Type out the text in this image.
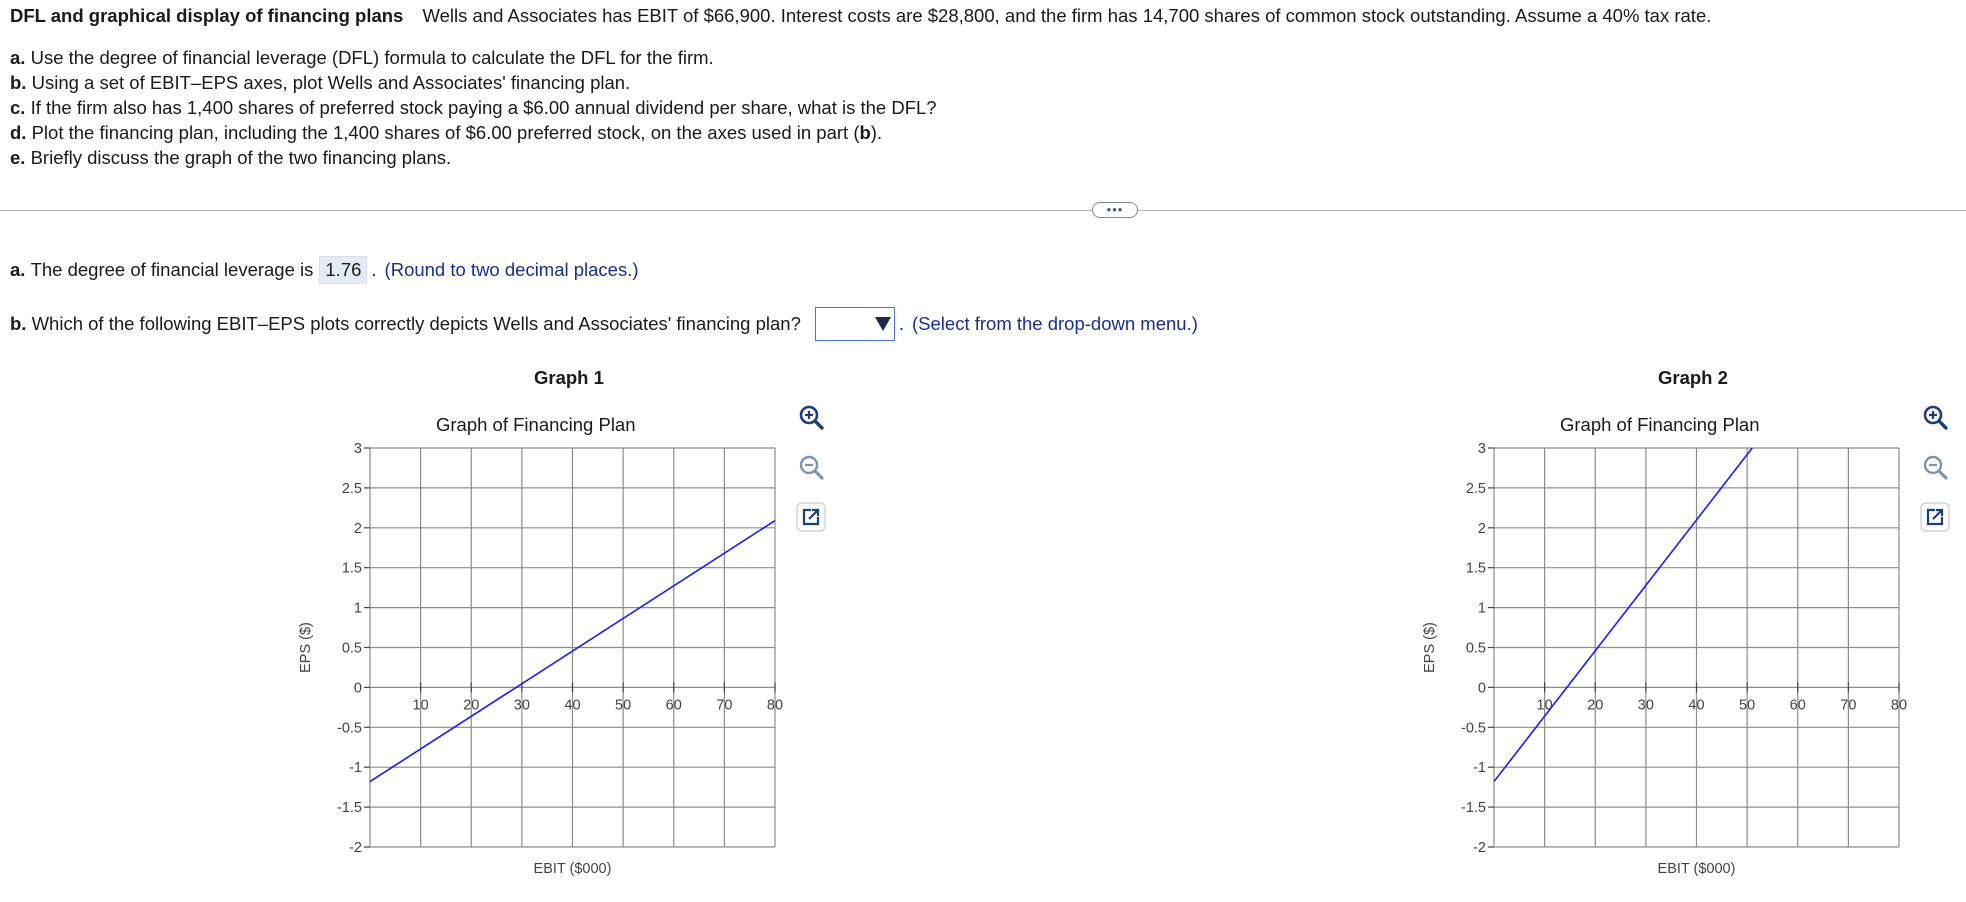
DFL and graphical display of financing plans Wells and Associates has EBIT of $66,900. Interest costs are $28,800, and the firm has 14,700 shares of common stock outstanding. Assume a 40% tax rate.
a. Use the degree of financial leverage (DFL) formula to calculate the DFL for the firm.
b. Using a set of EBIT–EPS axes, plot Wells and Associates' financing plan.
c. If the firm also has 1,400 shares of preferred stock paying a $6.00 annual dividend per share, what is the DFL?
d. Plot the financing plan, including the 1,400 shares of $6.00 preferred stock, on the axes used in part (b).
e. Briefly discuss the graph of the two financing plans.
•••
a.
The degree of financial leverage is 1.76 . (Round to two decimal places.)
b.
Which of the following EBIT–EPS plots correctly depicts Wells and Associates' financing plan?	. (Select from the drop-down menu.)
Graph 1
Graph of Financing Plan
10 20 30 40 50 60 70 80
3
2.5
2
1.5
1
0.5
0
-0.5
-1
-1.5
-2
EBIT ($000)
EPS ($)
Graph 2
Graph of Financing Plan
10 20 30 40 50 60 70 80
3
2.5
2
1.5
1
0.5
0
-0.5
-1
-1.5
-2
EBIT ($000)
EPS ($)
